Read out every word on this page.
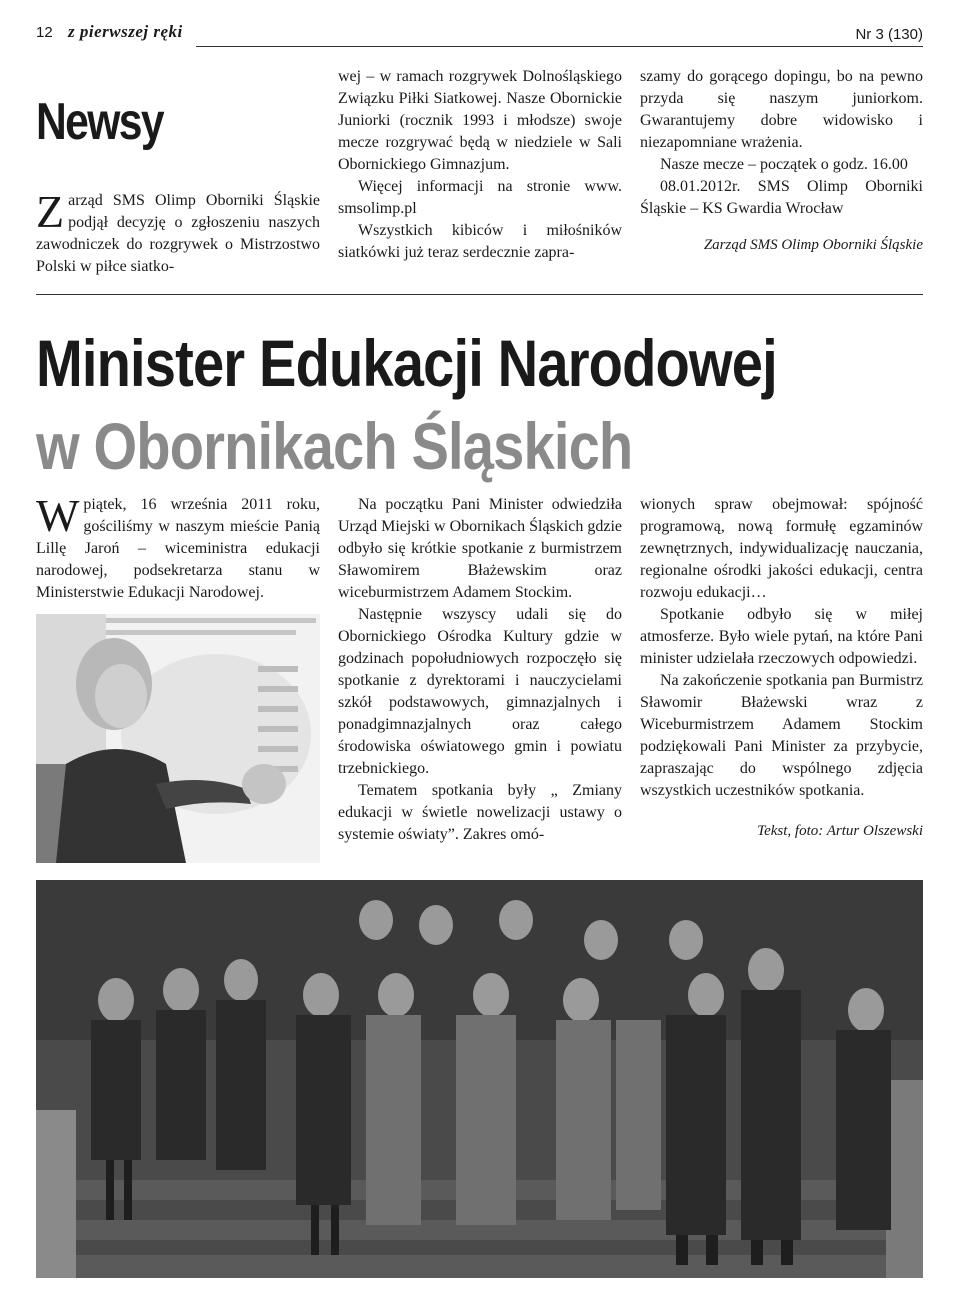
12 z pierwszej ręki	Nr 3 (130)
Newsy

Zarząd SMS Olimp Oborniki Śląskie podjął decyzję o zgłoszeniu naszych zawodniczek do rozgrywek o Mistrzostwo Polski w piłce siatko-

wej – w ramach rozgrywek Dolnośląskiego Związku Piłki Siatkowej. Nasze Obornickie Juniorki (rocznik 1993 i młodsze) swoje mecze rozgrywać będą w niedziele w Sali Obornickiego Gimnazjum.

Więcej informacji na stronie www. smsolimp.pl

Wszystkich kibiców i miłośników siatkówki już teraz serdecznie zapra-

szamy do gorącego dopingu, bo na pewno przyda się naszym juniorkom. Gwarantujemy dobre widowisko i niezapomniane wrażenia.

Nasze mecze – początek o godz. 16.00

08.01.2012r. SMS Olimp Oborniki Śląskie – KS Gwardia Wrocław

Zarząd SMS Olimp Oborniki Śląskie

Minister Edukacji Narodowej
w Obornikach Śląskich

Wpiątek, 16 września 2011 roku, gościliśmy w naszym mieście Panią Lillę Jaroń – wiceministra edukacji narodowej, podsekretarza stanu w Ministerstwie Edukacji Narodowej.

Na początku Pani Minister odwiedziła Urząd Miejski w Obornikach Śląskich gdzie odbyło się krótkie spotkanie z burmistrzem Sławomirem Błażewskim oraz wiceburmistrzem Adamem Stockim.

Następnie wszyscy udali się do Obornickiego Ośrodka Kultury gdzie w godzinach popołudniowych rozpoczęło się spotkanie z dyrektorami i nauczycielami szkół podstawowych, gimnazjalnych i ponadgimnazjalnych oraz całego środowiska oświatowego gmin i powiatu trzebnickiego.

Tematem spotkania były „ Zmiany edukacji w świetle nowelizacji ustawy o systemie oświaty”. Zakres omó-

wionych spraw obejmował: spójność programową, nową formułę egzaminów zewnętrznych, indywidualizację nauczania, regionalne ośrodki jakości edukacji, centra rozwoju edukacji…

Spotkanie odbyło się w miłej atmosferze. Było wiele pytań, na które Pani minister udzielała rzeczowych odpowiedzi.

Na zakończenie spotkania pan Burmistrz Sławomir Błażewski wraz z Wiceburmistrzem Adamem Stockim podziękowali Pani Minister za przybycie, zapraszając do wspólnego zdjęcia wszystkich uczestników spotkania.

Tekst, foto: Artur Olszewski
